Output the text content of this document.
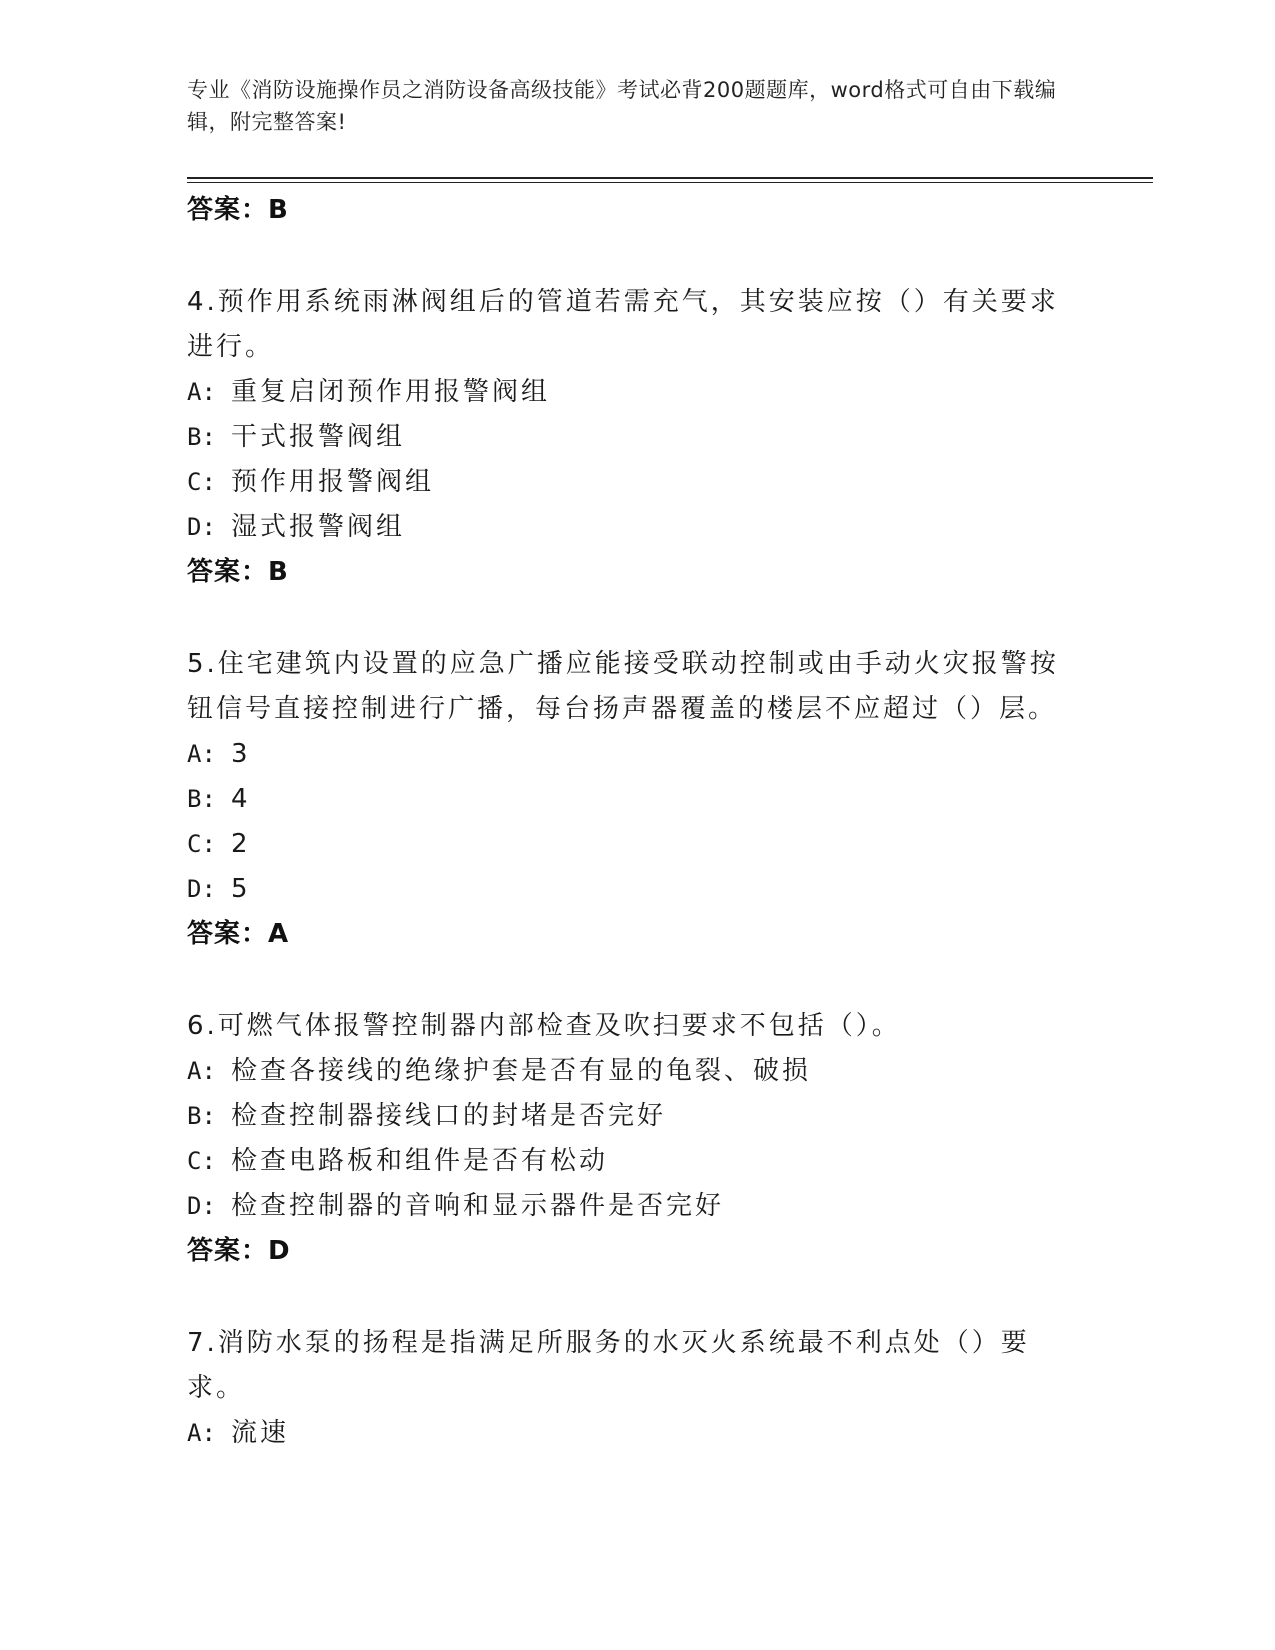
专业《消防设施操作员之消防设备高级技能》考试必背200题题库，word格式可自由下载编辑，附完整答案!
答案：B
4.预作用系统雨淋阀组后的管道若需充气，其安装应按（）有关要求进行。
A: 重复启闭预作用报警阀组
B: 干式报警阀组
C: 预作用报警阀组
D: 湿式报警阀组
答案：B
5.住宅建筑内设置的应急广播应能接受联动控制或由手动火灾报警按钮信号直接控制进行广播，每台扬声器覆盖的楼层不应超过（）层。
A: 3
B: 4
C: 2
D: 5
答案：A
6.可燃气体报警控制器内部检查及吹扫要求不包括（）。
A: 检查各接线的绝缘护套是否有显的龟裂、破损
B: 检查控制器接线口的封堵是否完好
C: 检查电路板和组件是否有松动
D: 检查控制器的音响和显示器件是否完好
答案：D
7.消防水泵的扬程是指满足所服务的水灭火系统最不利点处（）要求。
A: 流速
